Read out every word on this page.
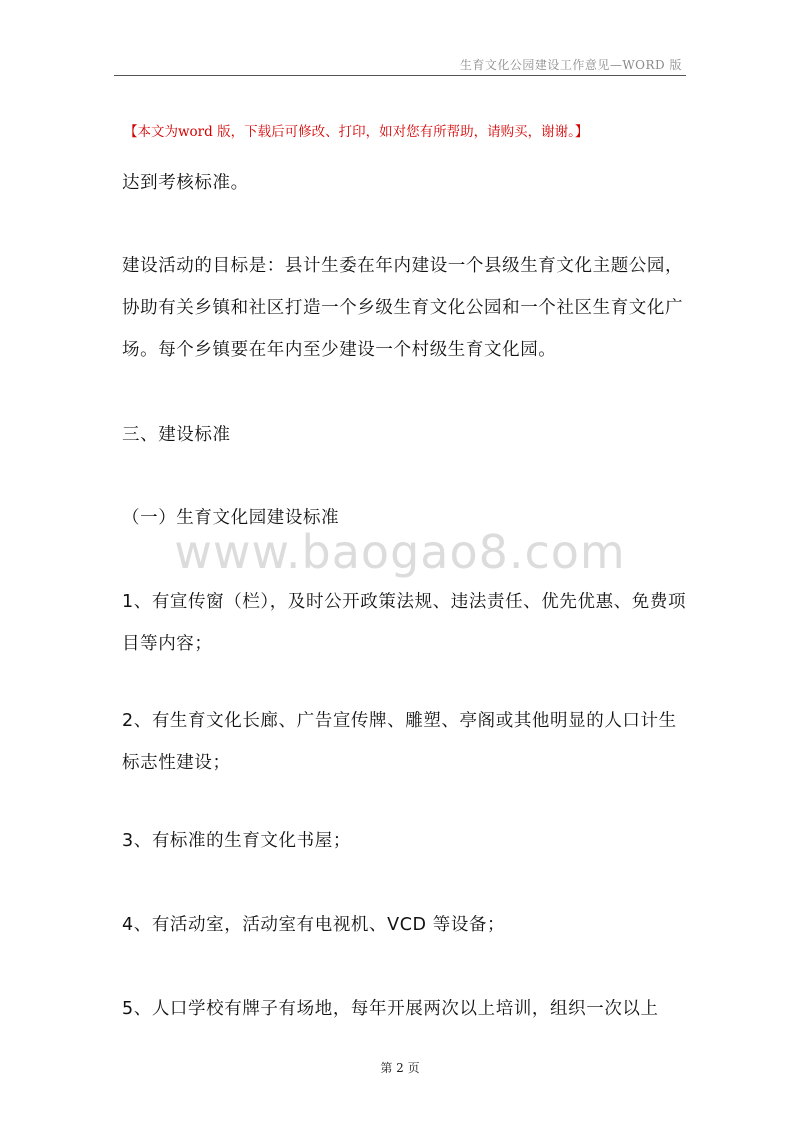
生育文化公园建设工作意见—WORD 版
【本文为word 版，下载后可修改、打印，如对您有所帮助，请购买，谢谢。】

达到考核标准。

建设活动的目标是：县计生委在年内建设一个县级生育文化主题公园，协助有关乡镇和社区打造一个乡级生育文化公园和一个社区生育文化广场。每个乡镇要在年内至少建设一个村级生育文化园。

三、建设标准

（一）生育文化园建设标准

www.baogao8.com

1、有宣传窗（栏），及时公开政策法规、违法责任、优先优惠、免费项目等内容；

2、有生育文化长廊、广告宣传牌、雕塑、亭阁或其他明显的人口计生标志性建设；

3、有标准的生育文化书屋；

4、有活动室，活动室有电视机、VCD 等设备；

5、人口学校有牌子有场地，每年开展两次以上培训，组织一次以上

第 2 页
